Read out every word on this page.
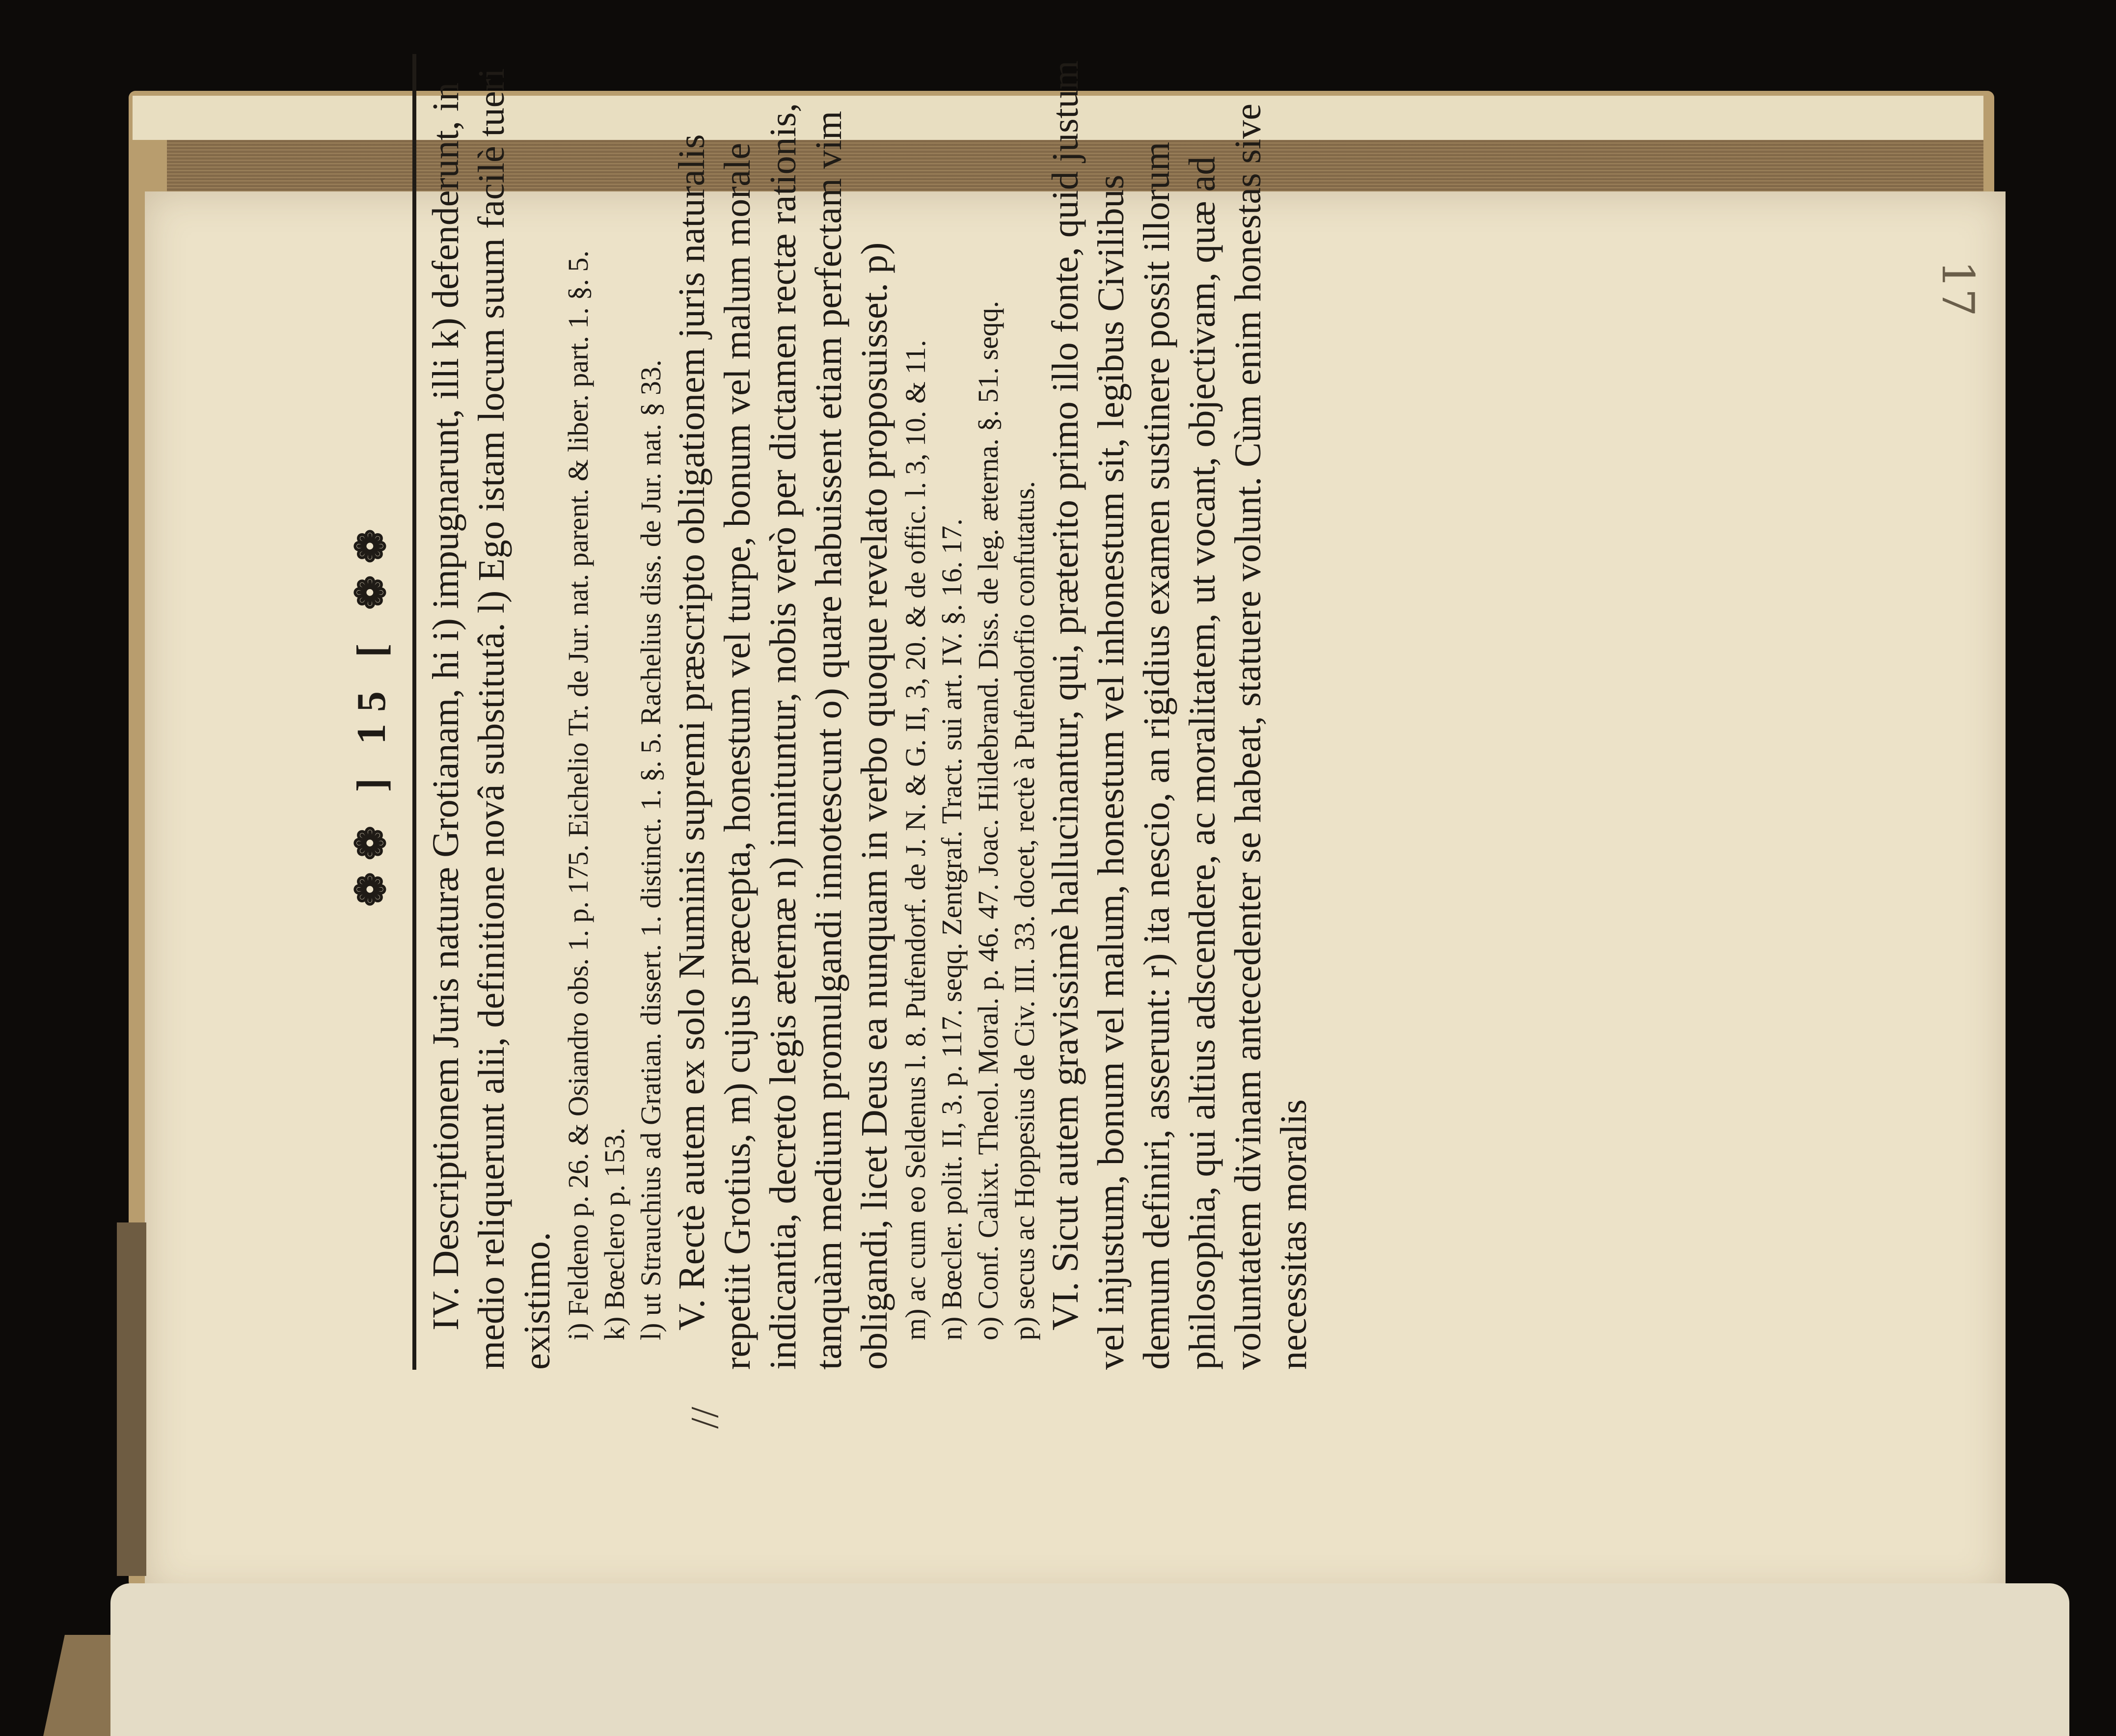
17
❁❁ ] 15 [ ❁❁ IV. Descriptionem Juris naturæ Grotianam, hi i) impugnarunt, illi k) defenderunt, in medio reliquerunt alii, definitione novâ substitutâ. l) Ego istam locum suum facilè tueri existimo. i) Feldeno p. 26. & Osiandro obs. 1. p. 175. Eichelio Tr. de Jur. nat. parent. & liber. part. 1. §. 5. k) Bœclero p. 153. l) ut Strauchius ad Gratian. dissert. 1. distinct. 1. §. 5. Rachelius diss. de Jur. nat. § 33. V. Rectè autem ex solo Numinis supremi præscripto obligationem juris naturalis repetiit Grotius, m) cujus præcepta, honestum vel turpe, bonum vel malum morale indicantia, decreto legis æternæ n) innituntur, nobis verò per dictamen rectæ rationis, tanquàm medium promulgandi innotescunt o) quare habuissent etiam perfectam vim obligandi, licet Deus ea nunquam in verbo quoque revelato proposuisset. p) m) ac cum eo Seldenus l. 8. Pufendorf. de J. N. & G. II, 3, 20. & de offic. l. 3, 10. & 11. n) Bœcler. polit. II, 3. p. 117. seqq. Zentgraf. Tract. sui art. IV. §. 16. 17. o) Conf. Calixt. Theol. Moral. p. 46. 47. Joac. Hildebrand. Diss. de leg. æterna. §. 51. seqq. p) secus ac Hoppesius de Civ. III. 33. docet, rectè à Pufendorfio confutatus. VI. Sicut autem gravissimè hallucinantur, qui, præterito primo illo fonte, quid justum vel injustum, bonum vel malum, honestum vel inhonestum sit, legibus Civilibus demum definiri, asserunt: r) ita nescio, an rigidius examen sustinere possit illorum philosophia, qui altius adscendere, ac moralitatem, ut vocant, objectivam, quæ ad voluntatem divinam antecedenter se habeat, statuere volunt. Cùm enim honestas sive necessitas moralis

//
